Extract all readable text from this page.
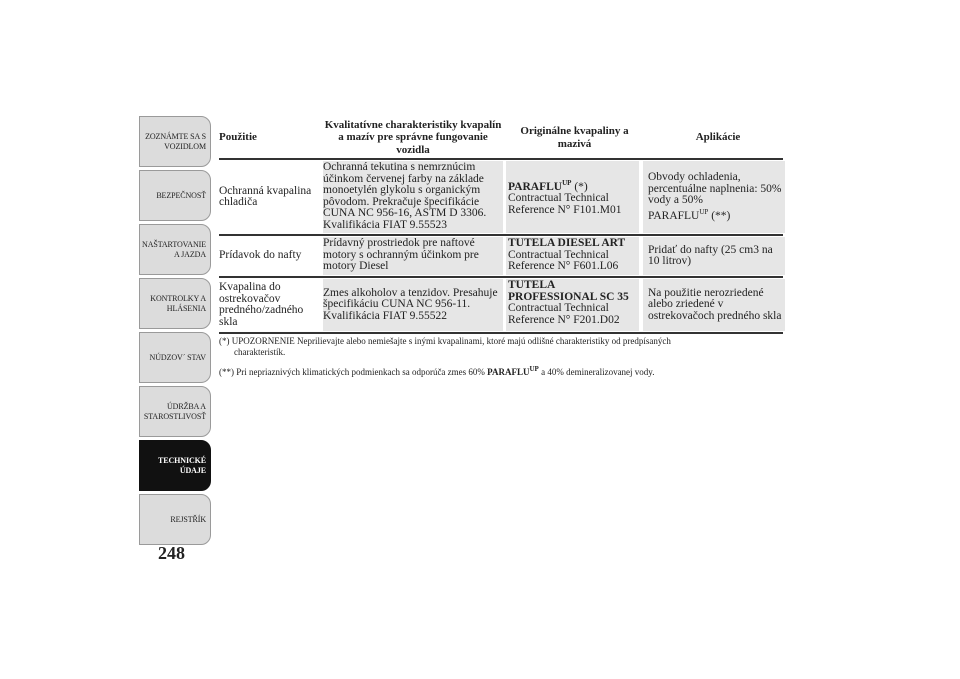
ZOZNÁMTE SA S VOZIDLOM
BEZPEČNOSŤ
NAŠTARTOVANIE A JAZDA
KONTROLKY A HLÁSENIA
NÚDZOV´ STAV
ÚDRŽBA A STAROSTLIVOSŤ
TECHNICKÉ ÚDAJE
REJSTŘÍK
248
Použitie
Kvalitatívne charakteristiky kvapalín a mazív pre správne fungovanie vozidla
Originálne kvapaliny a mazivá
Aplikácie
Ochranná kvapalina chladiča
Ochranná tekutina s nemrznúcim účinkom červenej farby na základe monoetylén glykolu s organickým pôvodom. Prekračuje špecifikácie CUNA NC 956-16, ASTM D 3306. Kvalifikácia FIAT 9.55523
$PARAFLU^{UP}$ (*)
Contractual Technical
Reference N° F101.M01
Obvody ochladenia, percentuálne naplnenia: 50% vody a 50%
$PARAFLU^{UP}$ (**)
Prídavok do nafty
Prídavný prostriedok pre naftové motory s ochranným účinkom pre motory Diesel
TUTELA DIESEL ART
Contractual Technical
Reference N° F601.L06
Pridať do nafty (25 cm3 na 10 litrov)
Kvapalina do ostrekovačov predného/zadného skla
Zmes alkoholov a tenzidov. Presahuje špecifikáciu CUNA NC 956-11. Kvalifikácia FIAT 9.55522
TUTELA PROFESSIONAL SC 35
Contractual Technical
Reference N° F201.D02
Na použitie nerozriedené alebo zriedené v ostrekovačoch predného skla
(*) UPOZORNENIE Neprilievajte alebo nemiešajte s inými kvapalinami, ktoré majú odlišné charakteristiky od predpísaných
charakteristík.
(**) Pri nepriaznivých klimatických podmienkach sa odporúča zmes 60% $PARAFLU^{UP}$ a 40% demineralizovanej vody.
